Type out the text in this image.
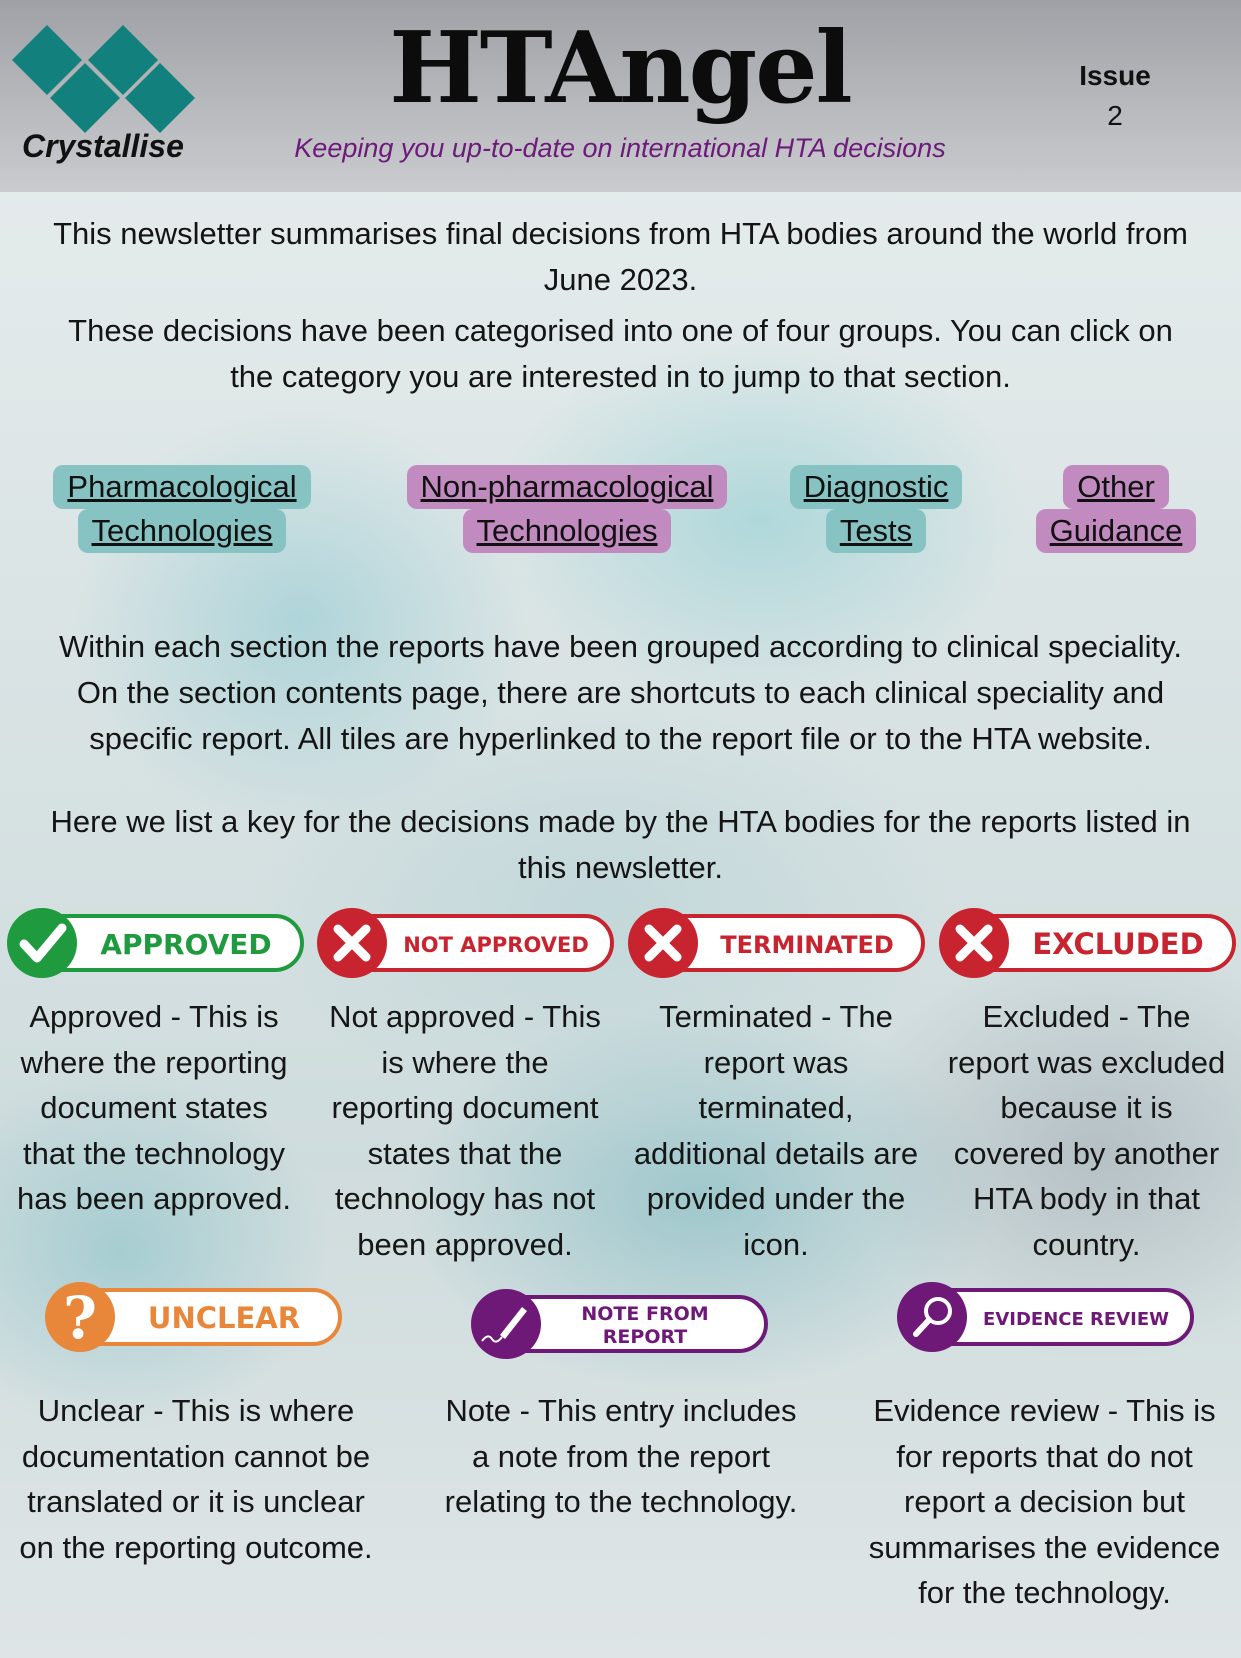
Crystallise
HTAngel
Keeping you up-to-date on international HTA decisions
Issue
2
This newsletter summarises final decisions from HTA bodies around the world from
June 2023.
These decisions have been categorised into one of four groups. You can click on
the category you are interested in to jump to that section.
Pharmacological
Technologies
Non-pharmacological
Technologies
Diagnostic
Tests
Other
Guidance
Within each section the reports have been grouped according to clinical speciality.
On the section contents page, there are shortcuts to each clinical speciality and
specific report. All tiles are hyperlinked to the report file or to the HTA website.
Here we list a key for the decisions made by the HTA bodies for the reports listed in
this newsletter.
APPROVED	NOT APPROVED	TERMINATED	EXCLUDED
Approved - This is
where the reporting
document states
that the technology
has been approved.
Not approved - This
is where the
reporting document
states that the
technology has not
been approved.
Terminated - The
report was
terminated,
additional details are
provided under the
icon.
Excluded - The
report was excluded
because it is
covered by another
HTA body in that
country.
? UNCLEAR	NOTE FROM
REPORT
EVIDENCE REVIEW
Unclear - This is where
documentation cannot be
translated or it is unclear
on the reporting outcome.
Note - This entry includes
a note from the report
relating to the technology.
Evidence review - This is
for reports that do not
report a decision but
summarises the evidence
for the technology.
